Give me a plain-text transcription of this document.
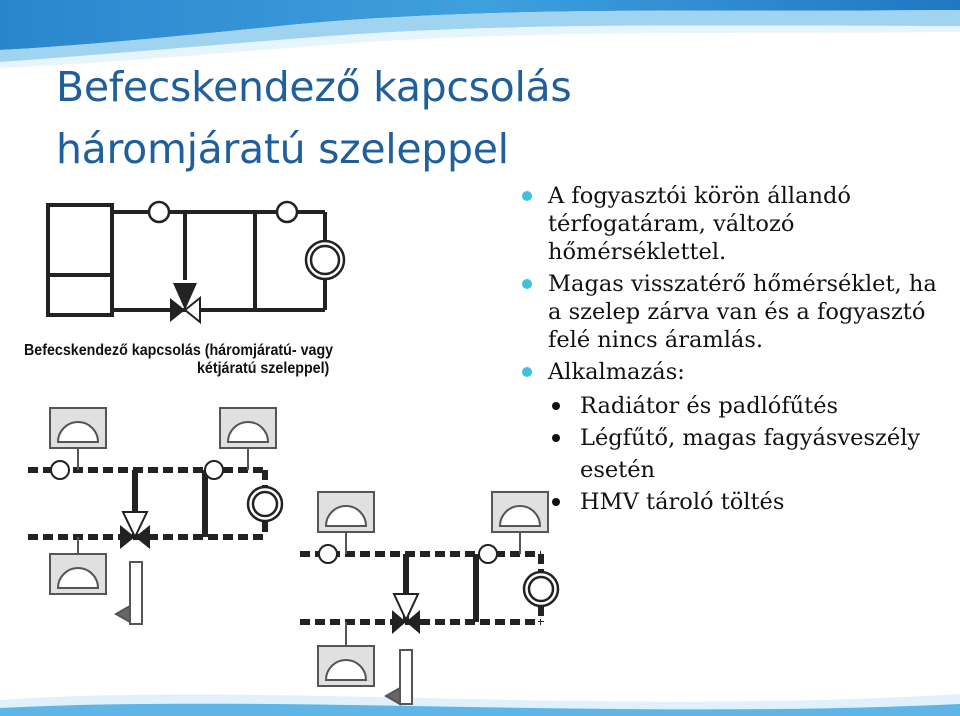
Befecskendező kapcsolás
háromjáratú szeleppel
Befecskendező kapcsolás (háromjáratú- vagy
kétjáratú szeleppel)
A fogyasztói körön állandó térfogatáram, változó hőmérséklettel.
Magas visszatérő hőmérséklet, ha a szelep zárva van és a fogyasztó felé nincs áramlás.
Alkalmazás:
Radiátor és padlófűtés
Légfűtő, magas fagyásveszély esetén
HMV tároló töltés
